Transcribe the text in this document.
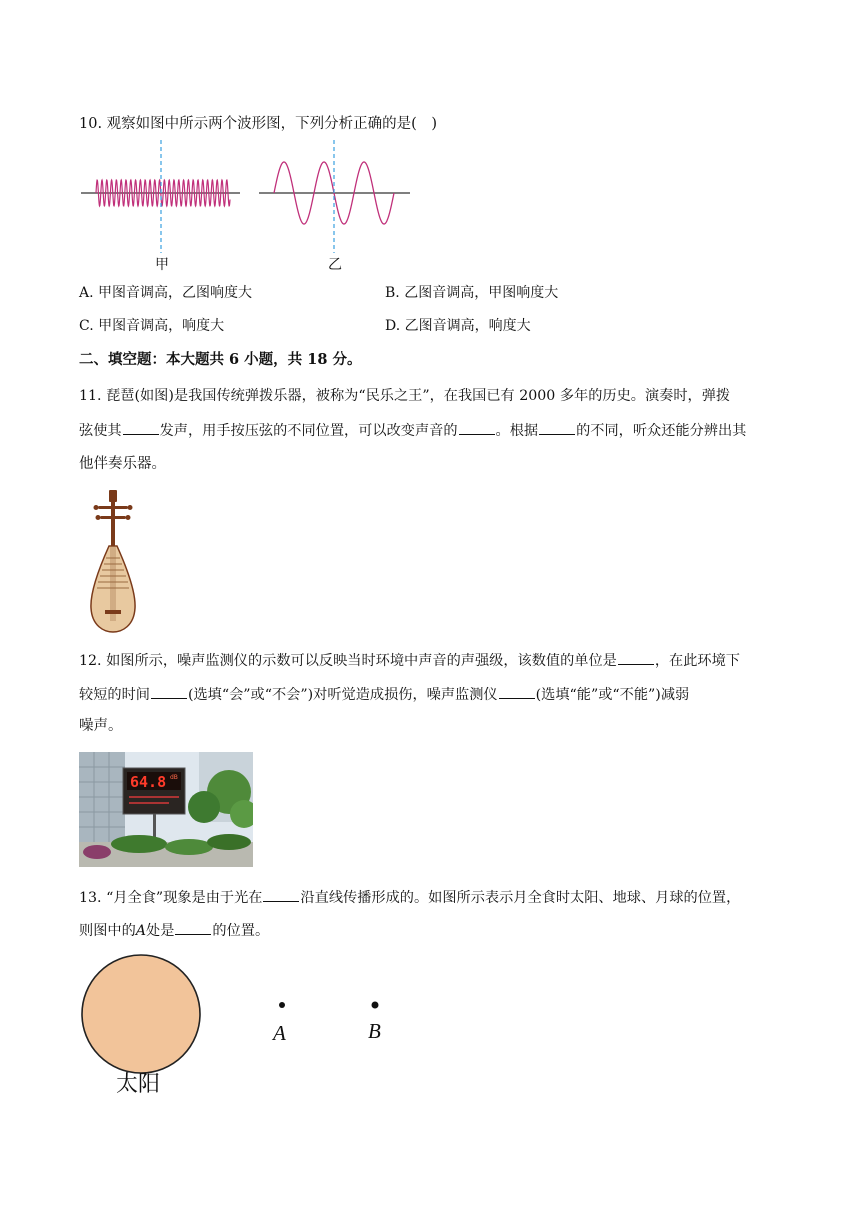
10. 观察如图中所示两个波形图，下列分析正确的是(　)
甲	乙
A. 甲图音调高，乙图响度大	B. 乙图音调高，甲图响度大
C. 甲图音调高，响度大	D. 乙图音调高，响度大
二、填空题：本大题共 6 小题，共 18 分。
11. 琵琶(如图)是我国传统弹拨乐器，被称为“民乐之王”，在我国已有 2000 多年的历史。演奏时，弹拨
弦使其	发声，用手按压弦的不同位置，可以改变声音的	。根据	的不同，听众还能分辨出其
他伴奏乐器。
12. 如图所示，噪声监测仪的示数可以反映当时环境中声音的声强级，该数值的单位是	，在此环境下
较短的时间	(选填“会”或“不会”)对听觉造成损伤，噪声监测仪	(选填“能”或“不能”)减弱
噪声。
64.8 dB
13. “月全食”现象是由于光在	沿直线传播形成的。如图所示表示月全食时太阳、地球、月球的位置，
则图中的A处是	的位置。
太阳
A	B
